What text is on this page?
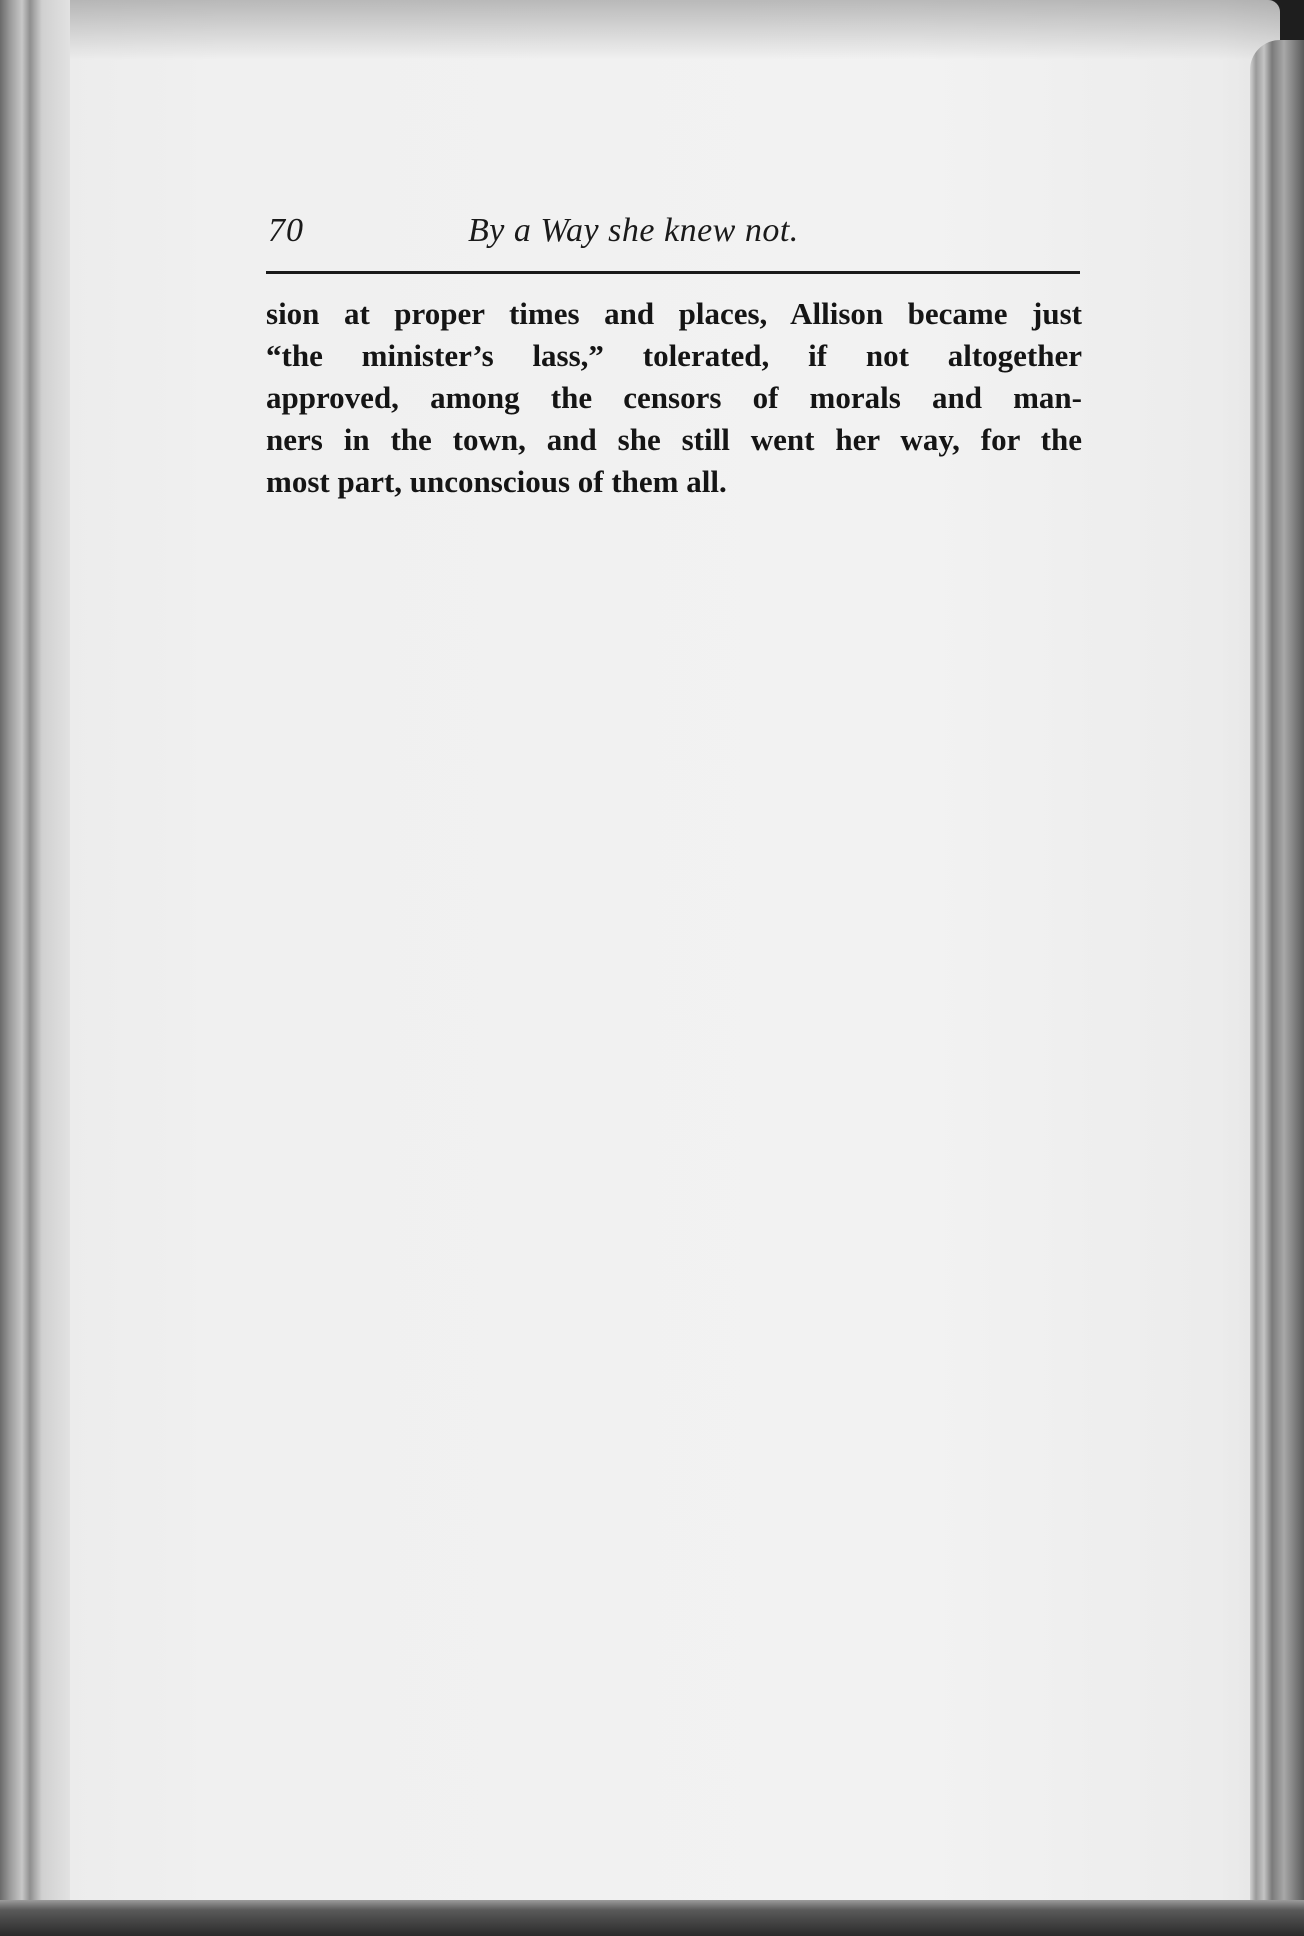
70	By a Way she knew not.
sion at proper times and places, Allison became just
“the minister’s lass,” tolerated, if not altogether
approved, among the censors of morals and man-
ners in the town, and she still went her way, for the
most part, unconscious of them all.
